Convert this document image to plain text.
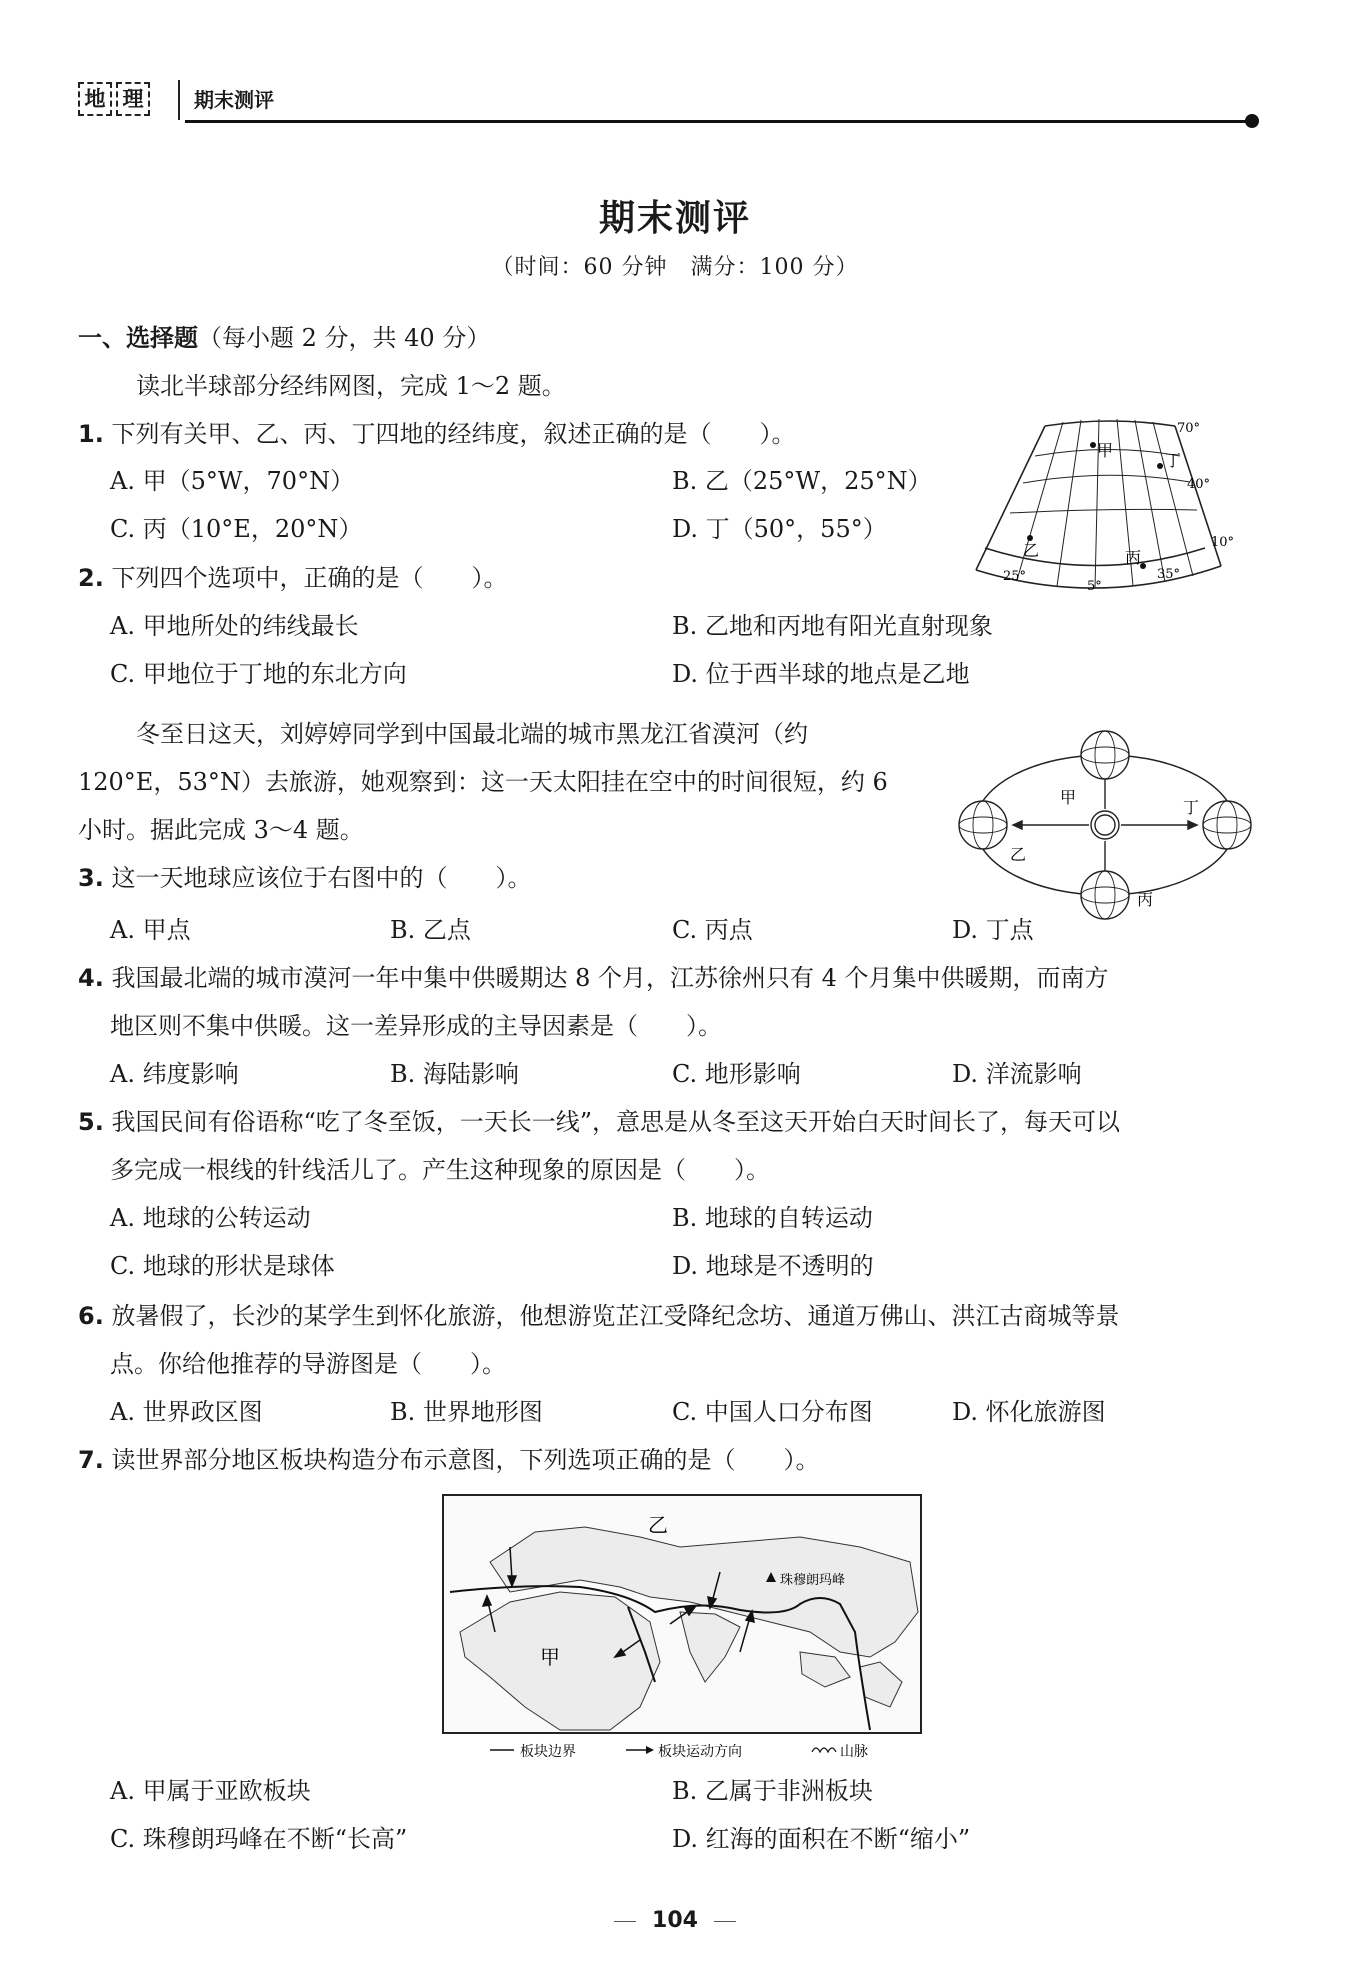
地 理	期末测评
期末测评
（时间：60 分钟　满分：100 分）
一、选择题（每小题 2 分，共 40 分）
读北半球部分经纬网图，完成 1～2 题。
1. 下列有关甲、乙、丙、丁四地的经纬度，叙述正确的是（　　）。
A. 甲（5°W，70°N）	B. 乙（25°W，25°N）
C. 丙（10°E，20°N）	D. 丁（50°，55°）
2. 下列四个选项中，正确的是（　　）。
A. 甲地所处的纬线最长	B. 乙地和丙地有阳光直射现象
C. 甲地位于丁地的东北方向	D. 位于西半球的地点是乙地
甲
乙	丙
丁
70°
40°
10°
25°
5°
35°
冬至日这天，刘婷婷同学到中国最北端的城市黑龙江省漠河（约
120°E，53°N）去旅游，她观察到：这一天太阳挂在空中的时间很短，约 6
小时。据此完成 3～4 题。
甲
乙
丙
丁
3. 这一天地球应该位于右图中的（　　）。
A. 甲点	B. 乙点	C. 丙点	D. 丁点
4. 我国最北端的城市漠河一年中集中供暖期达 8 个月，江苏徐州只有 4 个月集中供暖期，而南方
地区则不集中供暖。这一差异形成的主导因素是（　　）。
A. 纬度影响	B. 海陆影响	C. 地形影响	D. 洋流影响
5. 我国民间有俗语称“吃了冬至饭，一天长一线”，意思是从冬至这天开始白天时间长了，每天可以
多完成一根线的针线活儿了。产生这种现象的原因是（　　）。
A. 地球的公转运动	B. 地球的自转运动
C. 地球的形状是球体	D. 地球是不透明的
6. 放暑假了，长沙的某学生到怀化旅游，他想游览芷江受降纪念坊、通道万佛山、洪江古商城等景
点。你给他推荐的导游图是（　　）。
A. 世界政区图	B. 世界地形图	C. 中国人口分布图	D. 怀化旅游图
7. 读世界部分地区板块构造分布示意图，下列选项正确的是（　　）。
乙
甲
珠穆朗玛峰
板块边界	板块运动方向	山脉
A. 甲属于亚欧板块	B. 乙属于非洲板块
C. 珠穆朗玛峰在不断“长高”	D. 红海的面积在不断“缩小”
104
